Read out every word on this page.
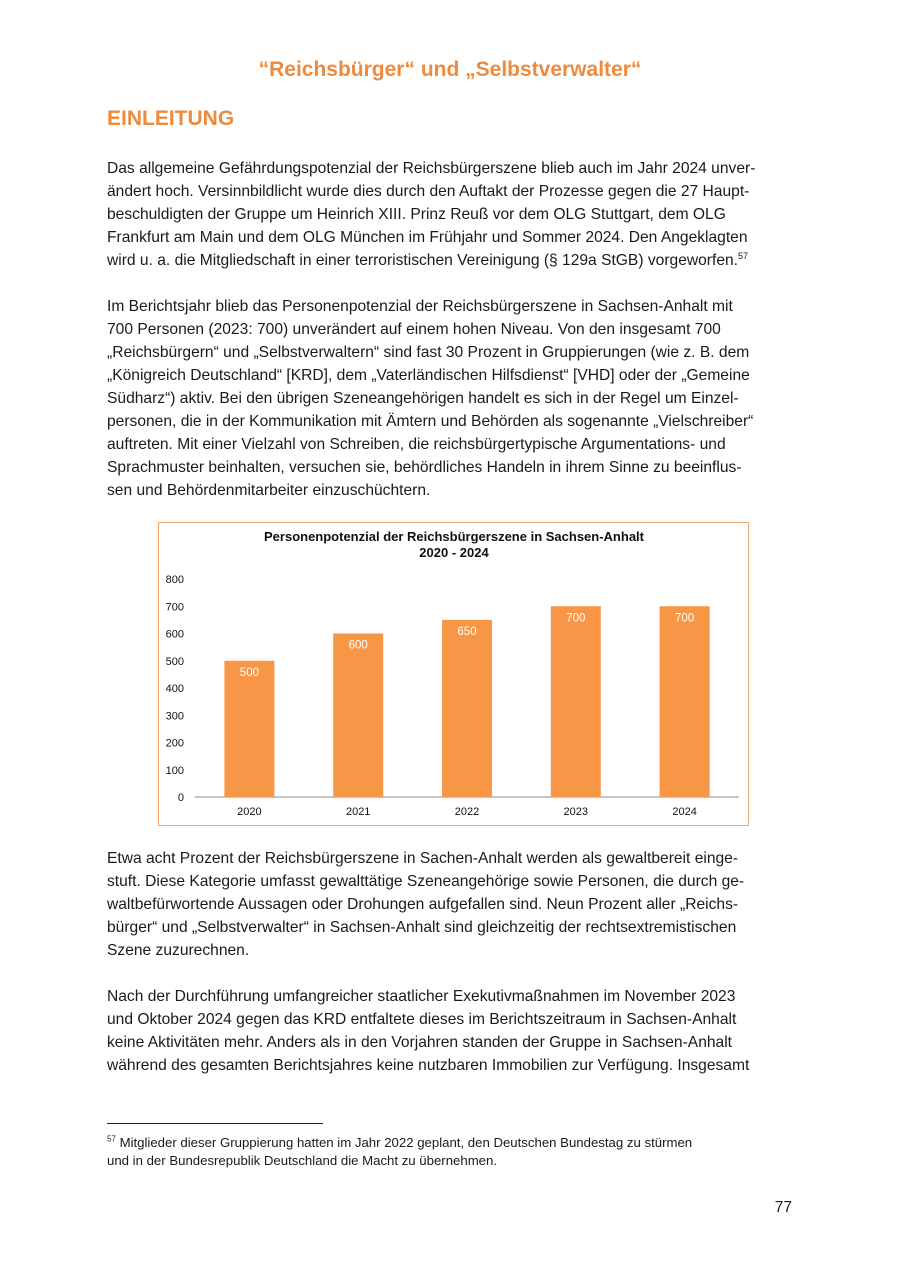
“Reichsbürger“ und „Selbstverwalter“
EINLEITUNG
Das allgemeine Gefährdungspotenzial der Reichsbürgerszene blieb auch im Jahr 2024 unver-
ändert hoch. Versinnbildlicht wurde dies durch den Auftakt der Prozesse gegen die 27 Haupt-
beschuldigten der Gruppe um Heinrich XIII. Prinz Reuß vor dem OLG Stuttgart, dem OLG
Frankfurt am Main und dem OLG München im Frühjahr und Sommer 2024. Den Angeklagten
wird u. a. die Mitgliedschaft in einer terroristischen Vereinigung (§ 129a StGB) vorgeworfen.$^{57}$
Im Berichtsjahr blieb das Personenpotenzial der Reichsbürgerszene in Sachsen-Anhalt mit
700 Personen (2023: 700) unverändert auf einem hohen Niveau. Von den insgesamt 700
„Reichsbürgern“ und „Selbstverwaltern“ sind fast 30 Prozent in Gruppierungen (wie z. B. dem
„Königreich Deutschland“ [KRD], dem „Vaterländischen Hilfsdienst“ [VHD] oder der „Gemeine
Südharz“) aktiv. Bei den übrigen Szeneangehörigen handelt es sich in der Regel um Einzel-
personen, die in der Kommunikation mit Ämtern und Behörden als sogenannte „Vielschreiber“
auftreten. Mit einer Vielzahl von Schreiben, die reichsbürgertypische Argumentations- und
Sprachmuster beinhalten, versuchen sie, behördliches Handeln in ihrem Sinne zu beeinflus-
sen und Behördenmitarbeiter einzuschüchtern.
Personenpotenzial der Reichsbürgerszene in Sachsen-Anhalt
2020 - 2024
0
100
200
300
400
500
600
700
800
500
2020
600
2021
650
2022
700
2023
700
2024
Etwa acht Prozent der Reichsbürgerszene in Sachen-Anhalt werden als gewaltbereit einge-
stuft. Diese Kategorie umfasst gewalttätige Szeneangehörige sowie Personen, die durch ge-
waltbefürwortende Aussagen oder Drohungen aufgefallen sind. Neun Prozent aller „Reichs-
bürger“ und „Selbstverwalter“ in Sachsen-Anhalt sind gleichzeitig der rechtsextremistischen
Szene zuzurechnen.
Nach der Durchführung umfangreicher staatlicher Exekutivmaßnahmen im November 2023
und Oktober 2024 gegen das KRD entfaltete dieses im Berichtszeitraum in Sachsen-Anhalt
keine Aktivitäten mehr. Anders als in den Vorjahren standen der Gruppe in Sachsen-Anhalt
während des gesamten Berichtsjahres keine nutzbaren Immobilien zur Verfügung. Insgesamt
$^{57}$ Mitglieder dieser Gruppierung hatten im Jahr 2022 geplant, den Deutschen Bundestag zu stürmen
und in der Bundesrepublik Deutschland die Macht zu übernehmen.
77
